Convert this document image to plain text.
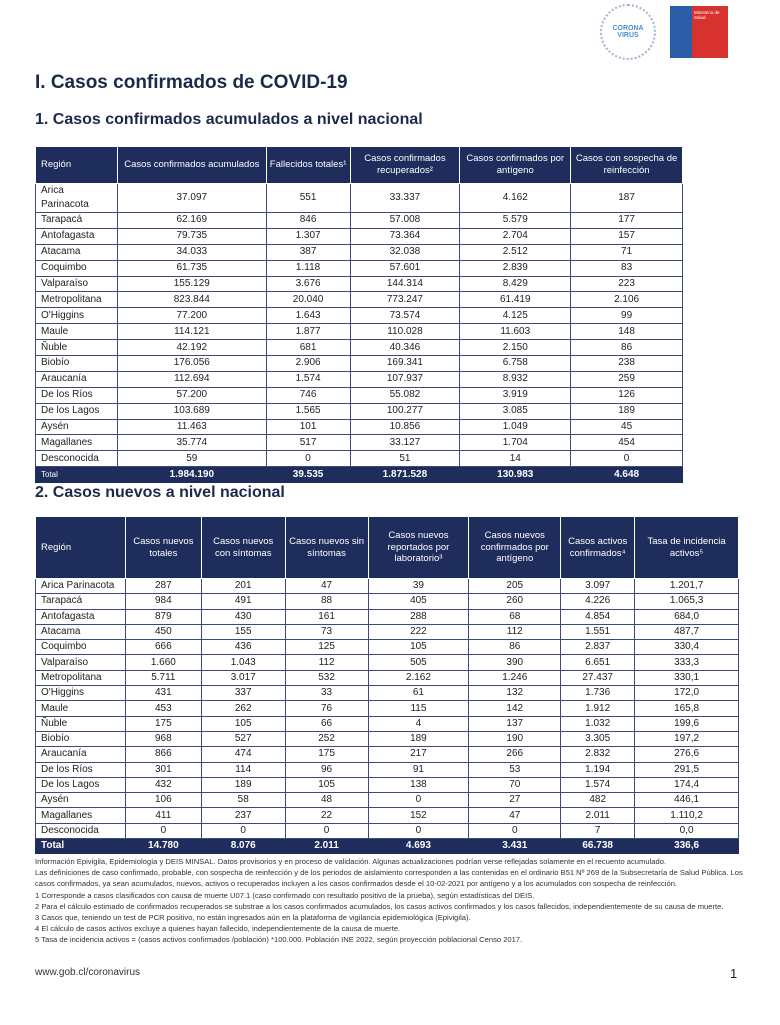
CORONA
VIRUS
Ministerio de Salud
I. Casos confirmados de COVID-19
1. Casos confirmados acumulados a nivel nacional
Región	Casos confirmados acumulados	Fallecidos totales¹	Casos confirmados recuperados²	Casos confirmados por antígeno	Casos con sospecha de reinfección
Arica Parinacota	37.097	551	33.337	4.162	187
Tarapacá	62.169	846	57.008	5.579	177
Antofagasta	79.735	1.307	73.364	2.704	157
Atacama	34.033	387	32.038	2.512	71
Coquimbo	61.735	1.118	57.601	2.839	83
Valparaíso	155.129	3.676	144.314	8.429	223
Metropolitana	823.844	20.040	773.247	61.419	2.106
O'Higgins	77.200	1.643	73.574	4.125	99
Maule	114.121	1.877	110.028	11.603	148
Ñuble	42.192	681	40.346	2.150	86
Biobío	176.056	2.906	169.341	6.758	238
Araucanía	112.694	1.574	107.937	8.932	259
De los Ríos	57.200	746	55.082	3.919	126
De los Lagos	103.689	1.565	100.277	3.085	189
Aysén	11.463	101	10.856	1.049	45
Magallanes	35.774	517	33.127	1.704	454
Desconocida	59	0	51	14	0
Total	1.984.190	39.535	1.871.528	130.983	4.648
2. Casos nuevos a nivel nacional
Región	Casos nuevos totales	Casos nuevos con síntomas	Casos nuevos sin síntomas	Casos nuevos reportados por laboratorio³	Casos nuevos confirmados por antígeno	Casos activos confirmados⁴	Tasa de incidencia activos⁵
Arica Parinacota	287	201	47	39	205	3.097	1.201,7
Tarapacá	984	491	88	405	260	4.226	1.065,3
Antofagasta	879	430	161	288	68	4.854	684,0
Atacama	450	155	73	222	112	1.551	487,7
Coquimbo	666	436	125	105	86	2.837	330,4
Valparaíso	1.660	1.043	112	505	390	6.651	333,3
Metropolitana	5.711	3.017	532	2.162	1.246	27.437	330,1
O'Higgins	431	337	33	61	132	1.736	172,0
Maule	453	262	76	115	142	1.912	165,8
Ñuble	175	105	66	4	137	1.032	199,6
Biobío	968	527	252	189	190	3.305	197,2
Araucanía	866	474	175	217	266	2.832	276,6
De los Ríos	301	114	96	91	53	1.194	291,5
De los Lagos	432	189	105	138	70	1.574	174,4
Aysén	106	58	48	0	27	482	446,1
Magallanes	411	237	22	152	47	2.011	1.110,2
Desconocida	0	0	0	0	0	7	0,0
Total	14.780	8.076	2.011	4.693	3.431	66.738	336,6

Información Epivigila, Epidemiología y DEIS MINSAL. Datos provisorios y en proceso de validación. Algunas actualizaciones podrían verse reflejadas solamente en el recuento acumulado.

Las definiciones de caso confirmado, probable, con sospecha de reinfección y de los periodos de aislamiento corresponden a las contenidas en el ordinario B51 Nº 269 de la Subsecretaría de Salud Pública. Los casos confirmados, ya sean acumulados, nuevos, activos o recuperados incluyen a los casos confirmados desde el 10-02-2021 por antígeno y a los acumulados con sospecha de reinfección.

1 Corresponde a casos clasificados con causa de muerte U07.1 (caso confirmado con resultado positivo de la prueba), según estadísticas del DEIS.

2 Para el cálculo estimado de confirmados recuperados se substrae a los casos confirmados acumulados, los casos activos confirmados y los casos fallecidos, independientemente de su causa de muerte.

3 Casos que, teniendo un test de PCR positivo, no están ingresados aún en la plataforma de vigilancia epidemiológica (Epivigila).

4 El cálculo de casos activos excluye a quienes hayan fallecido, independientemente de la causa de muerte.

5 Tasa de incidencia activos = (casos activos confirmados /población) *100.000. Población INE 2022, según proyección poblacional Censo 2017.

www.gob.cl/coronavirus	1
